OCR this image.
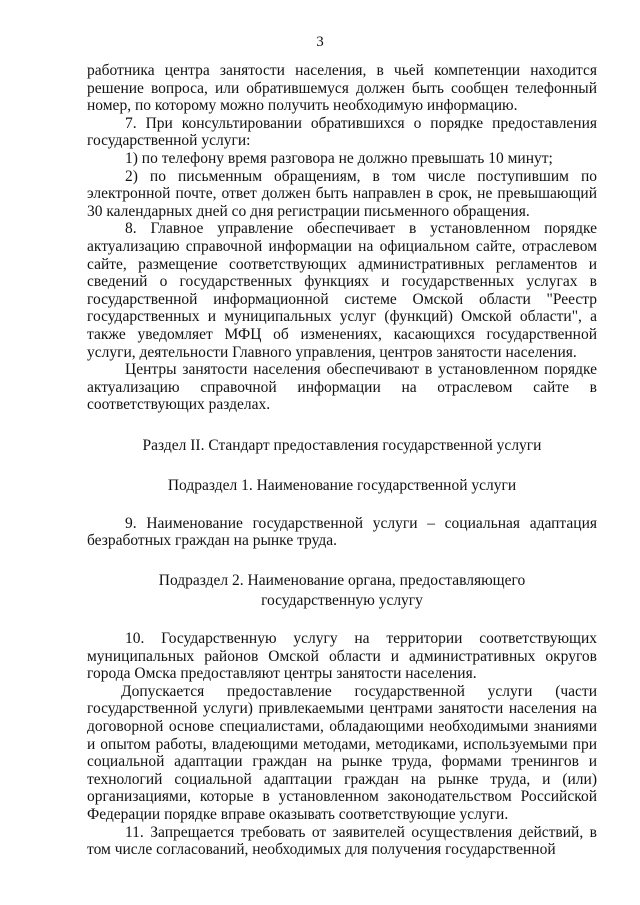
3

работника центра занятости населения, в чьей компетенции находится решение вопроса, или обратившемуся должен быть сообщен телефонный номер, по которому можно получить необходимую информацию.

7. При консультировании обратившихся о порядке предоставления государственной услуги:

1) по телефону время разговора не должно превышать 10 минут;

2) по письменным обращениям, в том числе поступившим по электронной почте, ответ должен быть направлен в срок, не превышающий 30 календарных дней со дня регистрации письменного обращения.

8. Главное управление обеспечивает в установленном порядке актуализацию справочной информации на официальном сайте, отраслевом сайте, размещение соответствующих административных регламентов и сведений о государственных функциях и государственных услугах в государственной информационной системе Омской области "Реестр государственных и муниципальных услуг (функций) Омской области", а также уведомляет МФЦ об изменениях, касающихся государственной услуги, деятельности Главного управления, центров занятости населения.

Центры занятости населения обеспечивают в установленном порядке актуализацию справочной информации на отраслевом сайте в соответствующих разделах.

Раздел II. Стандарт предоставления государственной услуги
Подраздел 1. Наименование государственной услуги

9. Наименование государственной услуги – социальная адаптация безработных граждан на рынке труда.

Подраздел 2. Наименование органа, предоставляющего
государственную услугу

10. Государственную услугу на территории соответствующих муниципальных районов Омской области и административных округов города Омска предоставляют центры занятости населения.

Допускается предоставление государственной услуги (части государственной услуги) привлекаемыми центрами занятости населения на договорной основе специалистами, обладающими необходимыми знаниями и опытом работы, владеющими методами, методиками, используемыми при социальной адаптации граждан на рынке труда, формами тренингов и технологий социальной адаптации граждан на рынке труда, и (или) организациями, которые в установленном законодательством Российской Федерации порядке вправе оказывать соответствующие услуги.

11. Запрещается требовать от заявителей осуществления действий, в том числе согласований, необходимых для получения государственной
